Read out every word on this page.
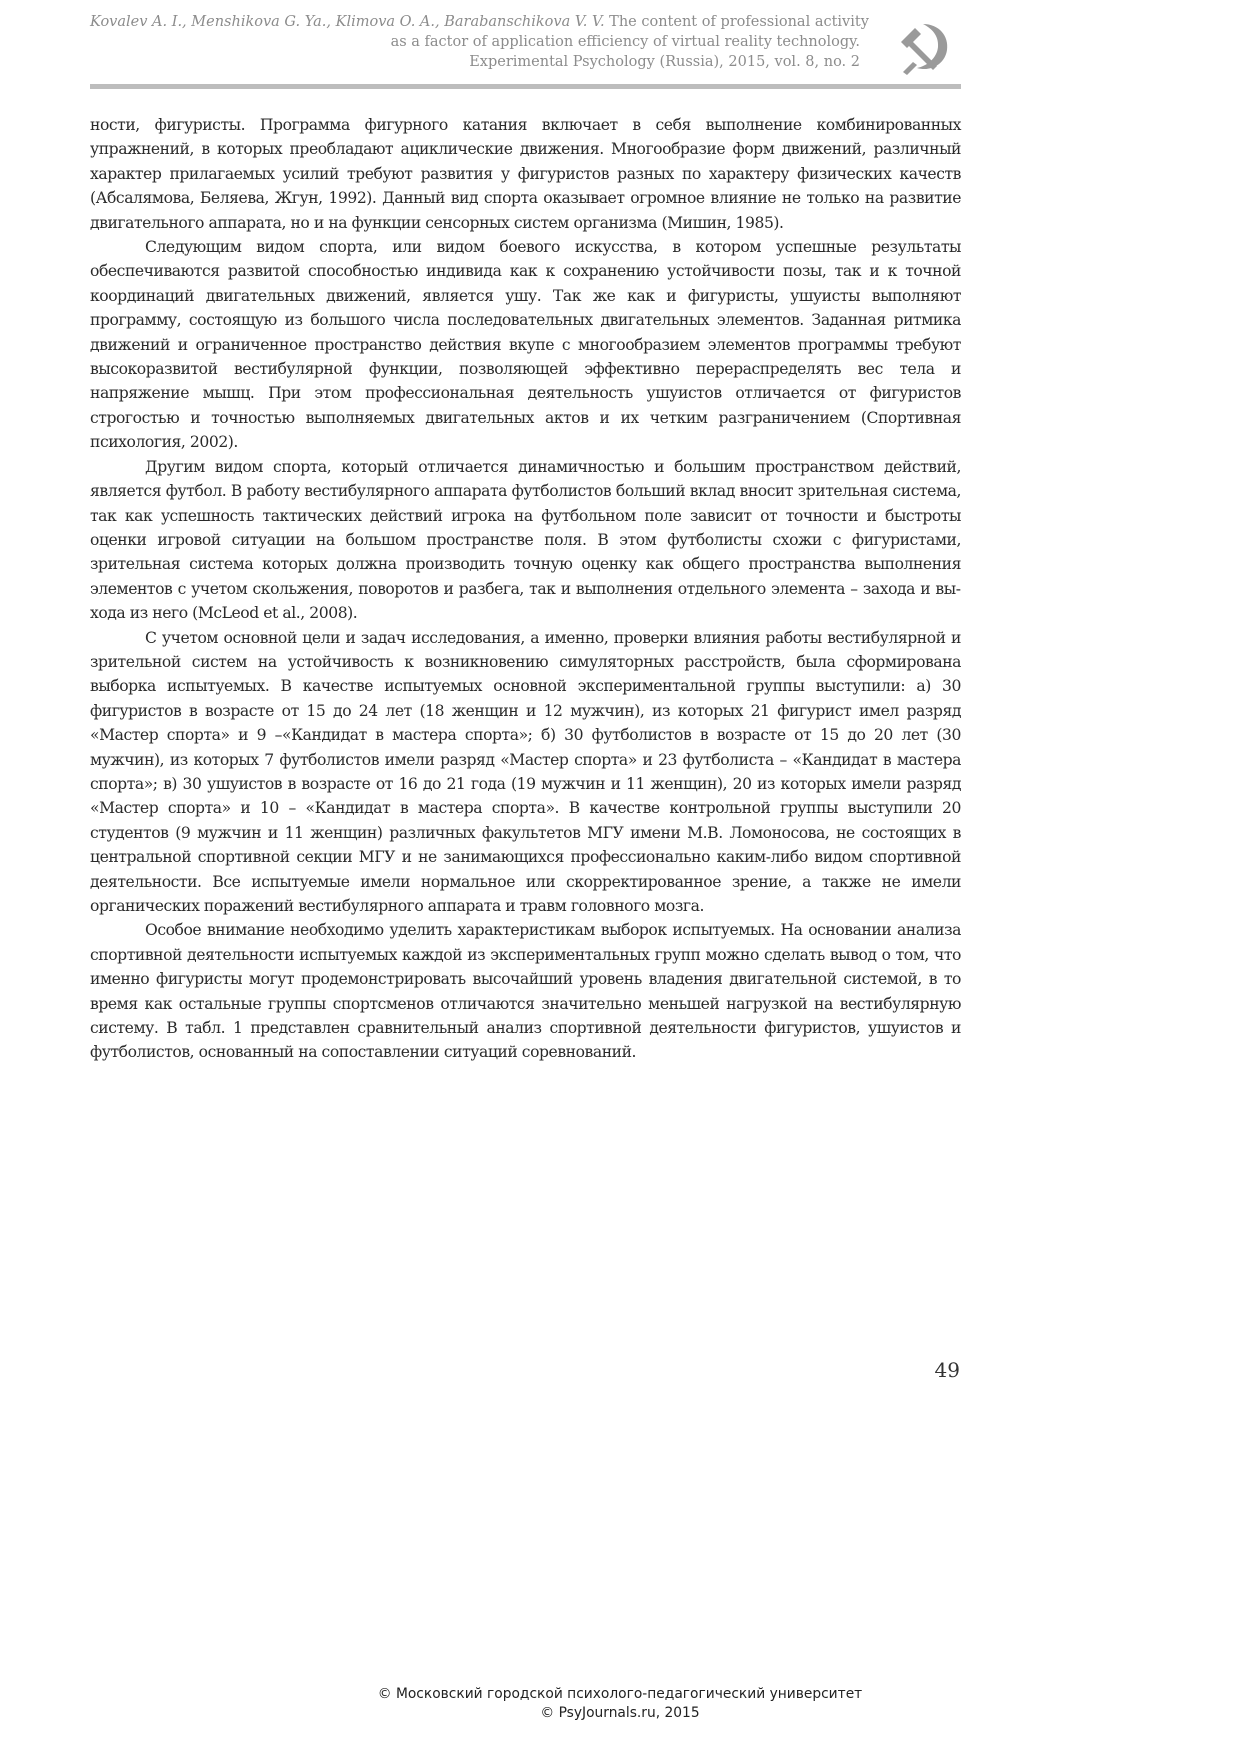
Kovalev A. I., Menshikova G. Ya., Klimova O. A., Barabanschikova V. V. The content of professional activity
as a factor of application efficiency of virtual reality technology.
Experimental Psychology (Russia), 2015, vol. 8, no. 2

ности, фигуристы. Программа фигурного катания включает в себя выполнение комбинированных упражнений, в которых преобладают ациклические движения. Многообразие форм движений, различный характер прилагаемых усилий требуют развития у фигуристов разных по характеру физических качеств (Абсалямова, Беляева, Жгун, 1992). Данный вид спорта оказывает огромное влияние не только на развитие двигательного аппарата, но и на функции сенсорных систем организма (Мишин, 1985).

Следующим видом спорта, или видом боевого искусства, в котором успешные результаты обеспечиваются развитой способностью индивида как к сохранению устойчивости позы, так и к точной координаций двигательных движений, является ушу. Так же как и фигуристы, ушуисты выполняют программу, состоящую из большого числа последовательных двигательных элементов. Заданная ритмика движений и ограниченное пространство действия вкупе с многообразием элементов программы требуют высокоразвитой вестибулярной функции, позволяющей эффективно перераспределять вес тела и напряжение мышц. При этом профессиональная деятельность ушуистов отличается от фигуристов строгостью и точностью выполняемых двигательных актов и их четким разграничением (Спортивная психология, 2002).

Другим видом спорта, который отличается динамичностью и большим пространством действий, является футбол. В работу вестибулярного аппарата футболистов больший вклад вносит зрительная система, так как успешность тактических действий игрока на футбольном поле зависит от точности и быстроты оценки игровой ситуации на большом пространстве поля. В этом футболисты схожи с фигуристами, зрительная система которых должна производить точную оценку как общего пространства выполнения элементов с учетом скольжения, поворотов и разбега, так и выполнения отдельного элемента – захода и выхода из него (McLeod et al., 2008).

С учетом основной цели и задач исследования, а именно, проверки влияния работы вестибулярной и зрительной систем на устойчивость к возникновению симуляторных расстройств, была сформирована выборка испытуемых. В качестве испытуемых основной экспериментальной группы выступили: а) 30 фигуристов в возрасте от 15 до 24 лет (18 женщин и 12 мужчин), из которых 21 фигурист имел разряд «Мастер спорта» и 9 –«Кандидат в мастера спорта»; б) 30 футболистов в возрасте от 15 до 20 лет (30 мужчин), из которых 7 футболистов имели разряд «Мастер спорта» и 23 футболиста – «Кандидат в мастера спорта»; в) 30 ушуистов в возрасте от 16 до 21 года (19 мужчин и 11 женщин), 20 из которых имели разряд «Мастер спорта» и 10 – «Кандидат в мастера спорта». В качестве контрольной группы выступили 20 студентов (9 мужчин и 11 женщин) различных факультетов МГУ имени М.В. Ломоносова, не состоящих в центральной спортивной секции МГУ и не занимающихся профессионально каким-либо видом спортивной деятельности. Все испытуемые имели нормальное или скорректированное зрение, а также не имели органических поражений вестибулярного аппарата и травм головного мозга.

Особое внимание необходимо уделить характеристикам выборок испытуемых. На основании анализа спортивной деятельности испытуемых каждой из экспериментальных групп можно сделать вывод о том, что именно фигуристы могут продемонстрировать высочайший уровень владения двигательной системой, в то время как остальные группы спортсменов отличаются значительно меньшей нагрузкой на вестибулярную систему. В табл. 1 представлен сравнительный анализ спортивной деятельности фигуристов, ушуистов и футболистов, основанный на сопоставлении ситуаций соревнований.

49
© Московский городской психолого-педагогический университет
© PsyJournals.ru, 2015
